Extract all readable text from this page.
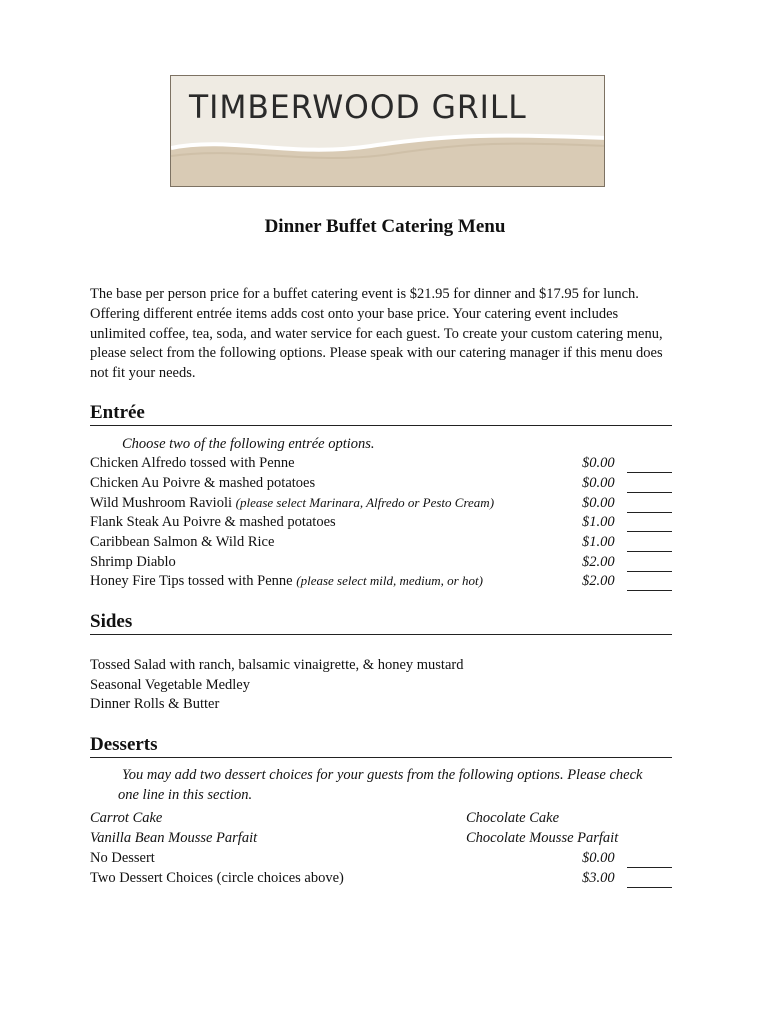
TIMBERWOOD GRILL
Dinner Buffet Catering Menu
The base per person price for a buffet catering event is $21.95 for dinner and $17.95 for lunch. Offering different entrée items adds cost onto your base price. Your catering event includes unlimited coffee, tea, soda, and water service for each guest. To create your custom catering menu, please select from the following options. Please speak with our catering manager if this menu does not fit your needs.
Entrée
Choose two of the following entrée options.
Chicken Alfredo tossed with Penne	$0.00
Chicken Au Poivre & mashed potatoes	$0.00
Wild Mushroom Ravioli (please select Marinara, Alfredo or Pesto Cream)	$0.00
Flank Steak Au Poivre & mashed potatoes	$1.00
Caribbean Salmon & Wild Rice	$1.00
Shrimp Diablo	$2.00
Honey Fire Tips tossed with Penne (please select mild, medium, or hot)	$2.00
Sides
Tossed Salad with ranch, balsamic vinaigrette, & honey mustard
Seasonal Vegetable Medley
Dinner Rolls & Butter
Desserts
You may add two dessert choices for your guests from the following options. Please check
one line in this section.
Carrot Cake	Chocolate Cake
Vanilla Bean Mousse Parfait	Chocolate Mousse Parfait
No Dessert	$0.00
Two Dessert Choices (circle choices above)	$3.00
